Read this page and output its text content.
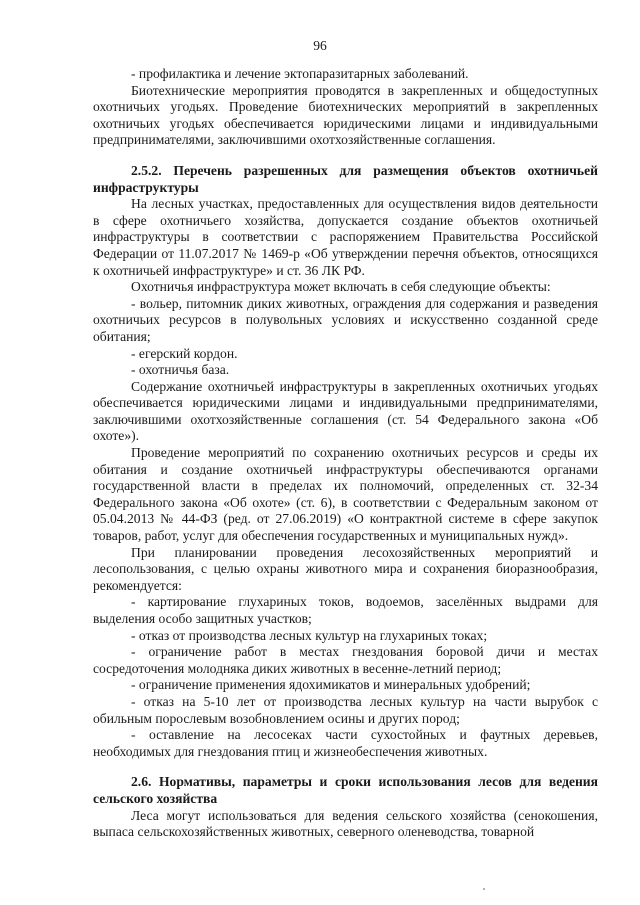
96

- профилактика и лечение эктопаразитарных заболеваний.

Биотехнические мероприятия проводятся в закрепленных и общедоступных охотничьих угодьях. Проведение биотехнических мероприятий в закрепленных охотничьих угодьях обеспечивается юридическими лицами и индивидуальными предпринимателями, заключившими охотхозяйственные соглашения.

2.5.2. Перечень разрешенных для размещения объектов охотничьей инфраструктуры

На лесных участках, предоставленных для осуществления видов деятельности в сфере охотничьего хозяйства, допускается создание объектов охотничьей инфраструктуры в соответствии с распоряжением Правительства Российской Федерации от 11.07.2017 № 1469-р «Об утверждении перечня объектов, относящихся к охотничьей инфраструктуре» и ст. 36 ЛК РФ.

Охотничья инфраструктура может включать в себя следующие объекты:

- вольер, питомник диких животных, ограждения для содержания и разведения охотничьих ресурсов в полувольных условиях и искусственно созданной среде обитания;

- егерский кордон.

- охотничья база.

Содержание охотничьей инфраструктуры в закрепленных охотничьих угодьях обеспечивается юридическими лицами и индивидуальными предпринимателями, заключившими охотхозяйственные соглашения (ст. 54 Федерального закона «Об охоте»).

Проведение мероприятий по сохранению охотничьих ресурсов и среды их обитания и создание охотничьей инфраструктуры обеспечиваются органами государственной власти в пределах их полномочий, определенных ст. 32-34 Федерального закона «Об охоте» (ст. 6), в соответствии с Федеральным законом от 05.04.2013 № 44-ФЗ (ред. от 27.06.2019) «О контрактной системе в сфере закупок товаров, работ, услуг для обеспечения государственных и муниципальных нужд».

При планировании проведения лесохозяйственных мероприятий и лесопользования, с целью охраны животного мира и сохранения биоразнообразия, рекомендуется:

- картирование глухариных токов, водоемов, заселённых выдрами для выделения особо защитных участков;

- отказ от производства лесных культур на глухариных токах;

- ограничение работ в местах гнездования боровой дичи и местах сосредоточения молодняка диких животных в весенне-летний период;

- ограничение применения ядохимикатов и минеральных удобрений;

- отказ на 5-10 лет от производства лесных культур на части вырубок с обильным порослевым возобновлением осины и других пород;

- оставление на лесосеках части сухостойных и фаутных деревьев, необходимых для гнездования птиц и жизнеобеспечения животных.

2.6. Нормативы, параметры и сроки использования лесов для ведения сельского хозяйства

Леса могут использоваться для ведения сельского хозяйства (сенокошения, выпаса сельскохозяйственных животных, северного оленеводства, товарной
